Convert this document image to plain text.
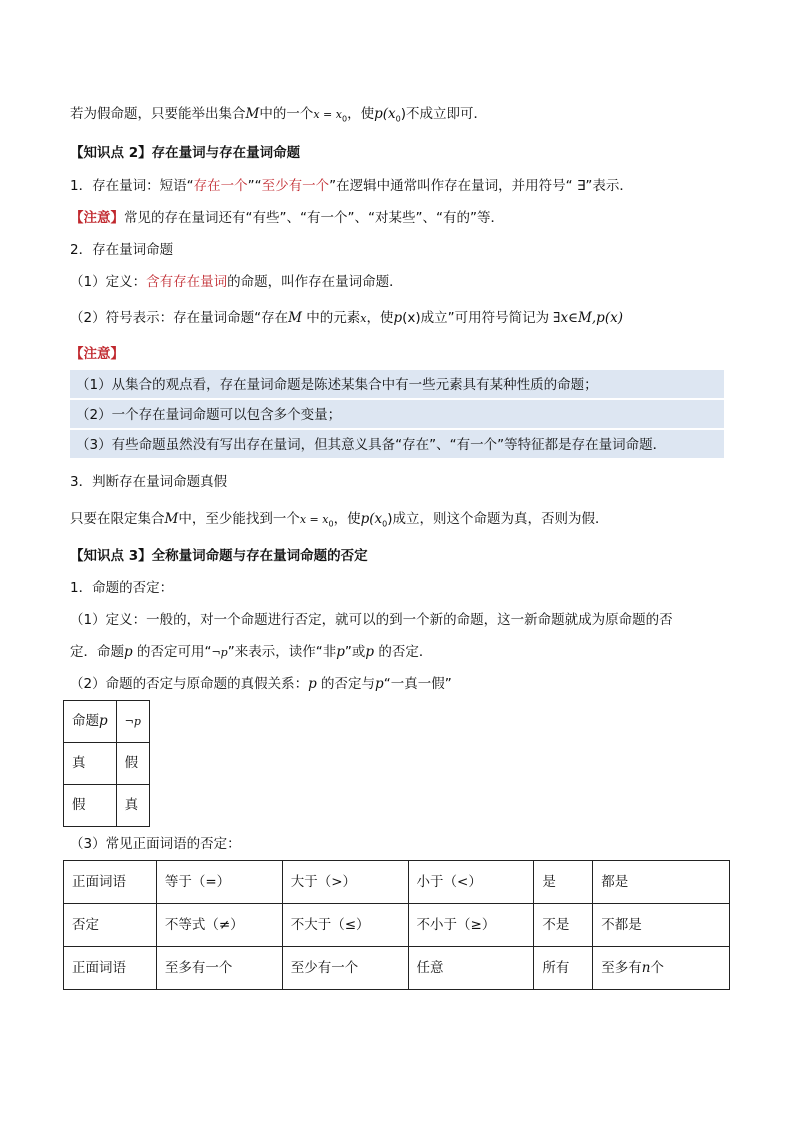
若为假命题，只要能举出集合M中的一个$x = x_0$，使$p(x_0)$不成立即可．
【知识点 2】存在量词与存在量词命题
1．存在量词：短语“存在一个”“至少有一个”在逻辑中通常叫作存在量词，并用符号“ ∃”表示．
【注意】常见的存在量词还有“有些”、“有一个”、“对某些”、“有的”等．
2．存在量词命题
（1）定义：含有存在量词的命题，叫作存在量词命题．
（2）符号表示：存在量词命题“存在M 中的元素x，使p(x)成立”可用符号简记为 ∃x∈M,p(x)
【注意】
（1）从集合的观点看，存在量词命题是陈述某集合中有一些元素具有某种性质的命题；
（2）一个存在量词命题可以包含多个变量；
（3）有些命题虽然没有写出存在量词，但其意义具备“存在”、“有一个”等特征都是存在量词命题．
3．判断存在量词命题真假
只要在限定集合M中，至少能找到一个$x = x_0$，使$p(x_0)$成立，则这个命题为真，否则为假．
【知识点 3】全称量词命题与存在量词命题的否定
1．命题的否定：
（1）定义：一般的，对一个命题进行否定，就可以的到一个新的命题，这一新命题就成为原命题的否
定．命题p 的否定可用“¬p”来表示，读作“非p”或p 的否定．
（2）命题的否定与原命题的真假关系：p 的否定与p“一真一假”
命题p	¬p
真	假
假	真
（3）常见正面词语的否定：
正面词语	等于（=）	大于（>）	小于（<）	是	都是
否定	不等式（≠）	不大于（≤）	不小于（≥）	不是	不都是
正面词语	至多有一个	至少有一个	任意	所有	至多有n个
